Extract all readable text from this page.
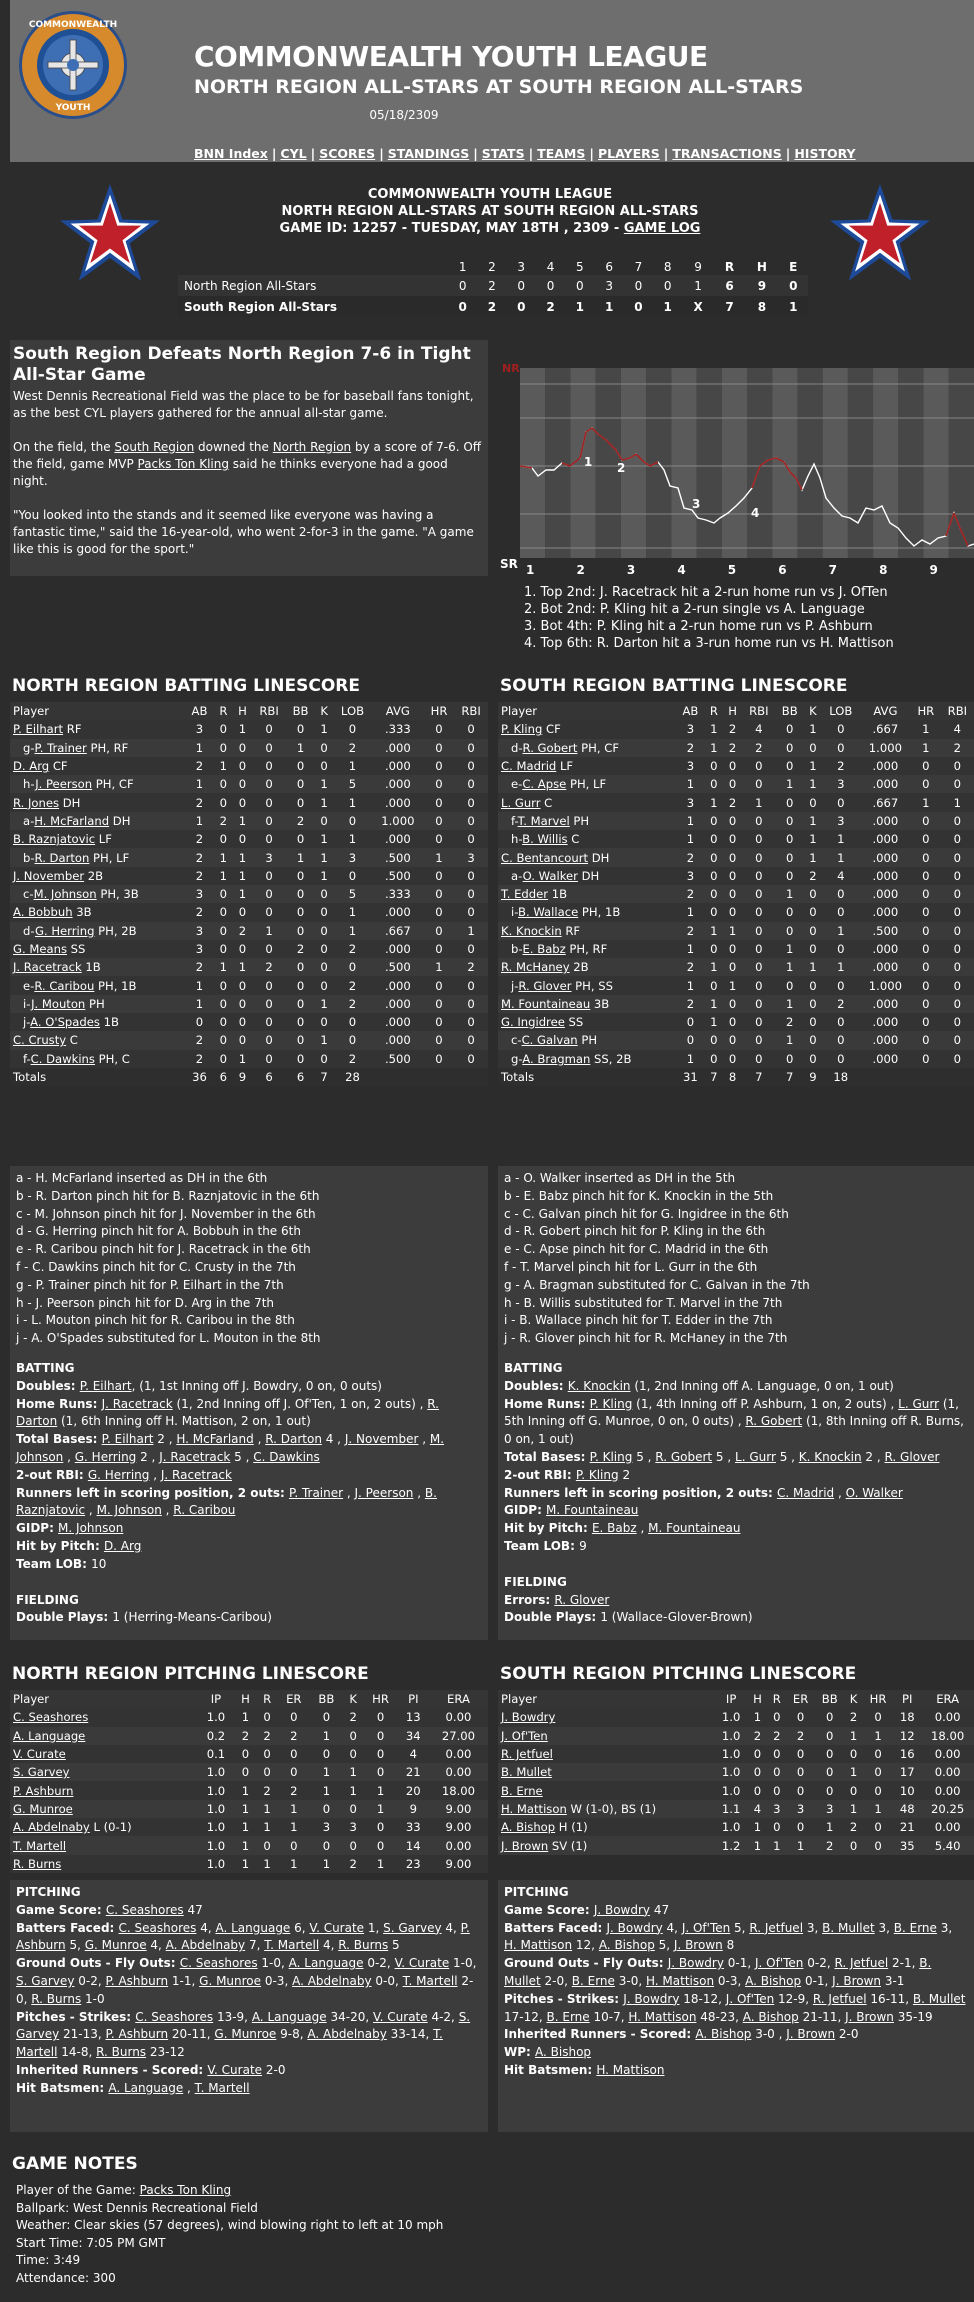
COMMONWEALTH
YOUTH
COMMONWEALTH YOUTH LEAGUE
NORTH REGION ALL-STARS AT SOUTH REGION ALL-STARS
05/18/2309
BNN Index | CYL | SCORES | STANDINGS | STATS | TEAMS | PLAYERS | TRANSACTIONS | HISTORY
COMMONWEALTH YOUTH LEAGUE
NORTH REGION ALL-STARS AT SOUTH REGION ALL-STARS
GAME ID: 12257 - TUESDAY, MAY 18TH , 2309 - GAME LOG
	1	2	3	4	5	6	7	8	9	R	H	E
North Region All-Stars	0	2	0	0	0	3	0	0	1	6	9	0
South Region All-Stars	0	2	0	2	1	1	0	1	X	7	8	1
South Region Defeats North Region 7-6 in Tight All-Star Game

West Dennis Recreational Field was the place to be for baseball fans tonight, as the best CYL players gathered for the annual all-star game.

On the field, the South Region downed the North Region by a score of 7-6. Off the field, game MVP Packs Ton Kling said he thinks everyone had a good night.

"You looked into the stands and it seemed like everyone was having a fantastic time," said the 16-year-old, who went 2-for-3 in the game. "A game like this is good for the sport."

NR
SR
1 2
3
4
1	2	3	4	5	6	7	8	9
1. Top 2nd: J. Racetrack hit a 2-run home run vs J. OfTen
2. Bot 2nd: P. Kling hit a 2-run single vs A. Language
3. Bot 4th: P. Kling hit a 2-run home run vs P. Ashburn
4. Top 6th: R. Darton hit a 3-run home run vs H. Mattison
NORTH REGION BATTING LINESCORE	SOUTH REGION BATTING LINESCORE
Player	AB	R	H	RBI	BB	K	LOB	AVG	HR	RBI
P. Eilhart RF	3	0	1	0	0	1	0	.333	0	0
g-P. Trainer PH, RF	1	0	0	0	1	0	2	.000	0	0
D. Arg CF	2	1	0	0	0	0	1	.000	0	0
h-J. Peerson PH, CF	1	0	0	0	0	1	5	.000	0	0
R. Jones DH	2	0	0	0	0	1	1	.000	0	0
a-H. McFarland DH	1	2	1	0	2	0	0	1.000	0	0
B. Raznjatovic LF	2	0	0	0	0	1	1	.000	0	0
b-R. Darton PH, LF	2	1	1	3	1	1	3	.500	1	3
J. November 2B	2	1	1	0	0	1	0	.500	0	0
c-M. Johnson PH, 3B	3	0	1	0	0	0	5	.333	0	0
A. Bobbuh 3B	2	0	0	0	0	0	1	.000	0	0
d-G. Herring PH, 2B	3	0	2	1	0	0	1	.667	0	1
G. Means SS	3	0	0	0	2	0	2	.000	0	0
J. Racetrack 1B	2	1	1	2	0	0	0	.500	1	2
e-R. Caribou PH, 1B	1	0	0	0	0	0	2	.000	0	0
i-J. Mouton PH	1	0	0	0	0	1	2	.000	0	0
j-A. O'Spades 1B	0	0	0	0	0	0	0	.000	0	0
C. Crusty C	2	0	0	0	0	1	0	.000	0	0
f-C. Dawkins PH, C	2	0	1	0	0	0	2	.500	0	0
Totals	36	6	9	6	6	7	28			
Player	AB	R	H	RBI	BB	K	LOB	AVG	HR	RBI
P. Kling CF	3	1	2	4	0	1	0	.667	1	4
d-R. Gobert PH, CF	2	1	2	2	0	0	0	1.000	1	2
C. Madrid LF	3	0	0	0	0	1	2	.000	0	0
e-C. Apse PH, LF	1	0	0	0	1	1	3	.000	0	0
L. Gurr C	3	1	2	1	0	0	0	.667	1	1
f-T. Marvel PH	1	0	0	0	0	1	3	.000	0	0
h-B. Willis C	1	0	0	0	0	1	1	.000	0	0
C. Bentancourt DH	2	0	0	0	0	1	1	.000	0	0
a-O. Walker DH	3	0	0	0	0	2	4	.000	0	0
T. Edder 1B	2	0	0	0	1	0	0	.000	0	0
i-B. Wallace PH, 1B	1	0	0	0	0	0	0	.000	0	0
K. Knockin RF	2	1	1	0	0	0	1	.500	0	0
b-E. Babz PH, RF	1	0	0	0	1	0	0	.000	0	0
R. McHaney 2B	2	1	0	0	1	1	1	.000	0	0
j-R. Glover PH, SS	1	0	1	0	0	0	0	1.000	0	0
M. Fountaineau 3B	2	1	0	0	1	0	2	.000	0	0
G. Ingidree SS	0	1	0	0	2	0	0	.000	0	0
c-C. Galvan PH	0	0	0	0	1	0	0	.000	0	0
g-A. Bragman SS, 2B	1	0	0	0	0	0	0	.000	0	0
Totals	31	7	8	7	7	9	18			
a - H. McFarland inserted as DH in the 6th
b - R. Darton pinch hit for B. Raznjatovic in the 6th
c - M. Johnson pinch hit for J. November in the 6th
d - G. Herring pinch hit for A. Bobbuh in the 6th
e - R. Caribou pinch hit for J. Racetrack in the 6th
f - C. Dawkins pinch hit for C. Crusty in the 7th
g - P. Trainer pinch hit for P. Eilhart in the 7th
h - J. Peerson pinch hit for D. Arg in the 7th
i - L. Mouton pinch hit for R. Caribou in the 8th
j - A. O'Spades substituted for L. Mouton in the 8th
BATTING
Doubles: P. Eilhart, (1, 1st Inning off J. Bowdry, 0 on, 0 outs)
Home Runs: J. Racetrack (1, 2nd Inning off J. Of'Ten, 1 on, 2 outs) , R. Darton (1, 6th Inning off H. Mattison, 2 on, 1 out)
Total Bases: P. Eilhart 2 , H. McFarland , R. Darton 4 , J. November , M. Johnson , G. Herring 2 , J. Racetrack 5 , C. Dawkins
2-out RBI: G. Herring , J. Racetrack
Runners left in scoring position, 2 outs: P. Trainer , J. Peerson , B. Raznjatovic , M. Johnson , R. Caribou
GIDP: M. Johnson
Hit by Pitch: D. Arg
Team LOB: 10
FIELDING
Double Plays: 1 (Herring-Means-Caribou)
a - O. Walker inserted as DH in the 5th
b - E. Babz pinch hit for K. Knockin in the 5th
c - C. Galvan pinch hit for G. Ingidree in the 6th
d - R. Gobert pinch hit for P. Kling in the 6th
e - C. Apse pinch hit for C. Madrid in the 6th
f - T. Marvel pinch hit for L. Gurr in the 6th
g - A. Bragman substituted for C. Galvan in the 7th
h - B. Willis substituted for T. Marvel in the 7th
i - B. Wallace pinch hit for T. Edder in the 7th
j - R. Glover pinch hit for R. McHaney in the 7th
BATTING
Doubles: K. Knockin (1, 2nd Inning off A. Language, 0 on, 1 out)
Home Runs: P. Kling (1, 4th Inning off P. Ashburn, 1 on, 2 outs) , L. Gurr (1, 5th Inning off G. Munroe, 0 on, 0 outs) , R. Gobert (1, 8th Inning off R. Burns, 0 on, 1 out)
Total Bases: P. Kling 5 , R. Gobert 5 , L. Gurr 5 , K. Knockin 2 , R. Glover
2-out RBI: P. Kling 2
Runners left in scoring position, 2 outs: C. Madrid , O. Walker
GIDP: M. Fountaineau
Hit by Pitch: E. Babz , M. Fountaineau
Team LOB: 9
FIELDING
Errors: R. Glover
Double Plays: 1 (Wallace-Glover-Brown)
NORTH REGION PITCHING LINESCORE	SOUTH REGION PITCHING LINESCORE
Player	IP	H	R	ER	BB	K	HR	PI	ERA
C. Seashores	1.0	1	0	0	0	2	0	13	0.00
A. Language	0.2	2	2	2	1	0	0	34	27.00
V. Curate	0.1	0	0	0	0	0	0	4	0.00
S. Garvey	1.0	0	0	0	1	1	0	21	0.00
P. Ashburn	1.0	1	2	2	1	1	1	20	18.00
G. Munroe	1.0	1	1	1	0	0	1	9	9.00
A. Abdelnaby L (0-1)	1.0	1	1	1	3	3	0	33	9.00
T. Martell	1.0	1	0	0	0	0	0	14	0.00
R. Burns	1.0	1	1	1	1	2	1	23	9.00
Player	IP	H	R	ER	BB	K	HR	PI	ERA
J. Bowdry	1.0	1	0	0	0	2	0	18	0.00
J. Of'Ten	1.0	2	2	2	0	1	1	12	18.00
R. Jetfuel	1.0	0	0	0	0	0	0	16	0.00
B. Mullet	1.0	0	0	0	0	1	0	17	0.00
B. Erne	1.0	0	0	0	0	0	0	10	0.00
H. Mattison W (1-0), BS (1)	1.1	4	3	3	3	1	1	48	20.25
A. Bishop H (1)	1.0	1	0	0	1	2	0	21	0.00
J. Brown SV (1)	1.2	1	1	1	2	0	0	35	5.40
PITCHING
Game Score: C. Seashores 47
Batters Faced: C. Seashores 4, A. Language 6, V. Curate 1, S. Garvey 4, P. Ashburn 5, G. Munroe 4, A. Abdelnaby 7, T. Martell 4, R. Burns 5
Ground Outs - Fly Outs: C. Seashores 1-0, A. Language 0-2, V. Curate 1-0, S. Garvey 0-2, P. Ashburn 1-1, G. Munroe 0-3, A. Abdelnaby 0-0, T. Martell 2-0, R. Burns 1-0
Pitches - Strikes: C. Seashores 13-9, A. Language 34-20, V. Curate 4-2, S. Garvey 21-13, P. Ashburn 20-11, G. Munroe 9-8, A. Abdelnaby 33-14, T. Martell 14-8, R. Burns 23-12
Inherited Runners - Scored: V. Curate 2-0
Hit Batsmen: A. Language , T. Martell
PITCHING
Game Score: J. Bowdry 47
Batters Faced: J. Bowdry 4, J. Of'Ten 5, R. Jetfuel 3, B. Mullet 3, B. Erne 3, H. Mattison 12, A. Bishop 5, J. Brown 8
Ground Outs - Fly Outs: J. Bowdry 0-1, J. Of'Ten 0-2, R. Jetfuel 2-1, B. Mullet 2-0, B. Erne 3-0, H. Mattison 0-3, A. Bishop 0-1, J. Brown 3-1
Pitches - Strikes: J. Bowdry 18-12, J. Of'Ten 12-9, R. Jetfuel 16-11, B. Mullet 17-12, B. Erne 10-7, H. Mattison 48-23, A. Bishop 21-11, J. Brown 35-19
Inherited Runners - Scored: A. Bishop 3-0 , J. Brown 2-0
WP: A. Bishop
Hit Batsmen: H. Mattison
GAME NOTES
Player of the Game: Packs Ton Kling
Ballpark: West Dennis Recreational Field
Weather: Clear skies (57 degrees), wind blowing right to left at 10 mph
Start Time: 7:05 PM GMT
Time: 3:49
Attendance: 300
